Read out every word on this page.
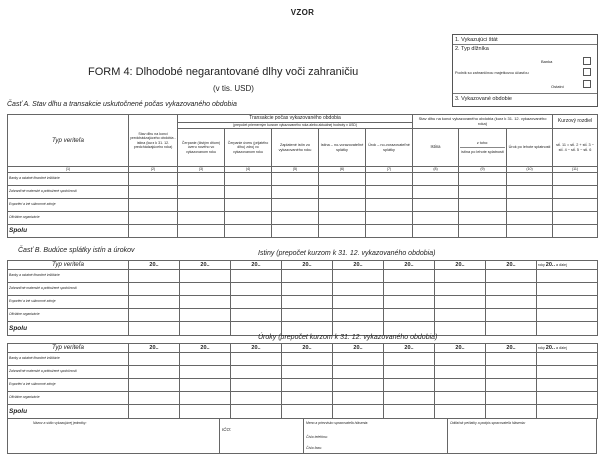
VZOR
FORM 4: Dlhodobé negarantované dlhy voči zahraničiu
(v tis. USD)
1. Vykazujúci štát
2. Typ dlžníka
Banka
Podnik so zahraničnou majetkovou účasťou
Ostatní
3. Vykazované obdobie
Časť A. Stav dlhu a transakcie uskutočnené počas vykazovaného obdobia
Typ veriteľa	Stav dlhu na konci predchádzajúceho obdobia - istina (kurz k 31. 12. predchádzajúceho roka)	Transakcie počas vykazovaného obdobia					Stav dlhu na konci vykazovaného obdobia (kurz k 31. 12. vykazovaného roka)			Kurzový rozdiel
		(prepočet priemerným kurzom vykazovaného roka alebo aktuálnej hodnoty v USD)								
		Čerpanie (čistým dňom) úveru nového vo vykazovanom roku	Čerpanie úveru (prijatého dlhu) zdroj vo vykazovanom roku	Zaplatené istín zo vykazovaného roku	Istina – no-vorazovateľné splátky	Úrok – no-vorazovateľné splátky	Istina	z toho:
istina po lehote splatnosti	Úrok po lehote splatnosti	stĺ. 11 = stĺ. 2 + stĺ. 3 − stĺ. 4 − stĺ. 5 − stĺ. 6
(1)	(2)	(3)	(4)	(5)	(6)	(7)	(8)	(9)	(10)	(11)
Banky a ostatné finančné inštitúcie										
Zahraničné materské a pridružené spoločnosti										
Exportéri a iné súkromné zdroje										
Oficiálne organizácie										
Spolu										
Časť B. Budúce splátky istín a úrokov	Istiny (prepočet kurzom k 31. 12. vykazovaného obdobia)
Typ veriteľa	20..	20..	20..	20..	20..	20..	20..	20..	roky 20.. a ďalej
Banky a ostatné finančné inštitúcie									
Zahraničné materské a pridružené spoločnosti									
Exportéri a iné súkromné zdroje									
Oficiálne organizácie									
Spolu									
Úroky (prepočet kurzom k 31. 12. vykazovaného obdobia)
Typ veriteľa	20..	20..	20..	20..	20..	20..	20..	20..	roky 20.. a ďalej
Banky a ostatné finančné inštitúcie									
Zahraničné materské a pridružené spoločnosti									
Exportéri a iné súkromné zdroje									
Oficiálne organizácie									
Spolu									
Názov a sídlo vykazujúcej jednotky:
IČO:
Meno a priezvisko spracovateľa hlásenia:
Číslo telefónu:
Číslo faxu:
Odtlačok pečiatky a podpis spracovateľa hlásenia:
